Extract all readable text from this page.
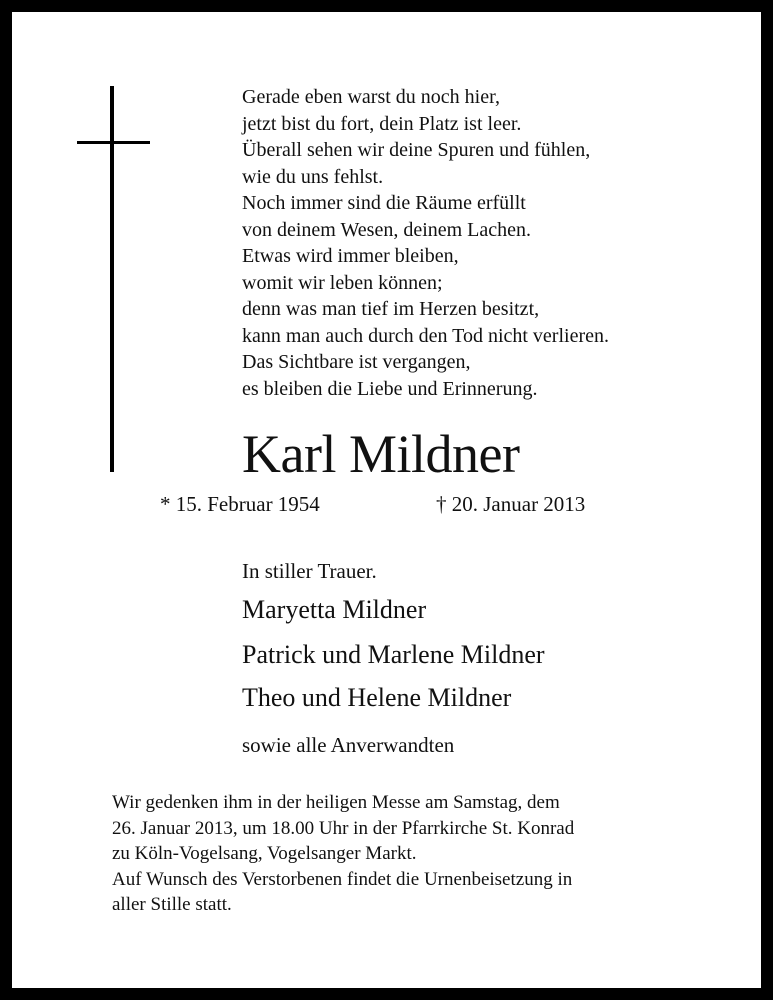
Gerade eben warst du noch hier,
jetzt bist du fort, dein Platz ist leer.
Überall sehen wir deine Spuren und fühlen,
wie du uns fehlst.
Noch immer sind die Räume erfüllt
von deinem Wesen, deinem Lachen.
Etwas wird immer bleiben,
womit wir leben können;
denn was man tief im Herzen besitzt,
kann man auch durch den Tod nicht verlieren.
Das Sichtbare ist vergangen,
es bleiben die Liebe und Erinnerung.
Karl Mildner
* 15. Februar 1954	† 20. Januar 2013
In stiller Trauer.
Maryetta Mildner
Patrick und Marlene Mildner
Theo und Helene Mildner
sowie alle Anverwandten
Wir gedenken ihm in der heiligen Messe am Samstag, dem
26. Januar 2013, um 18.00 Uhr in der Pfarrkirche St. Konrad
zu Köln-Vogelsang, Vogelsanger Markt.
Auf Wunsch des Verstorbenen findet die Urnenbeisetzung in
aller Stille statt.
